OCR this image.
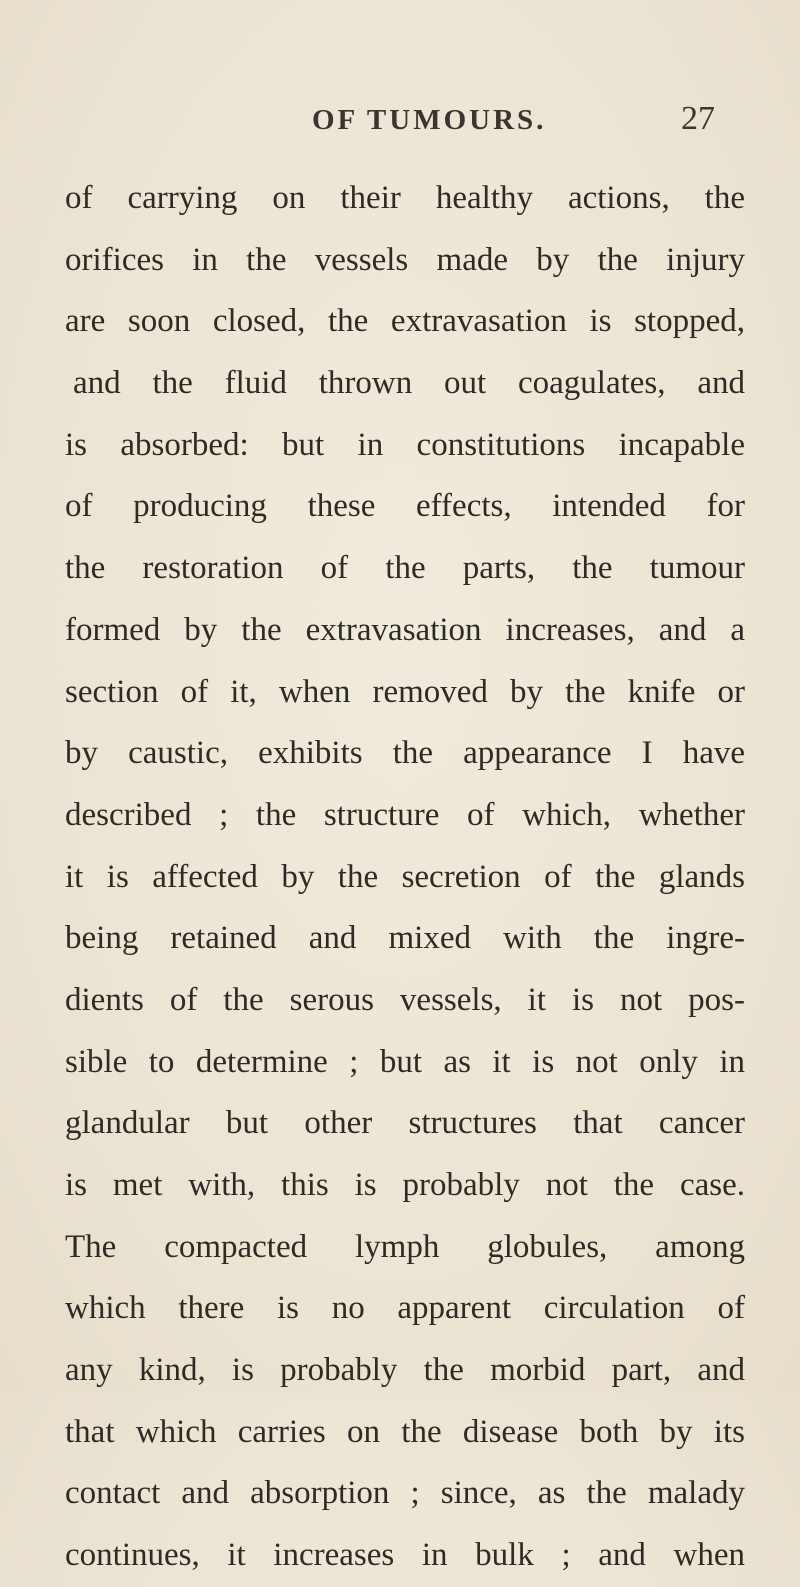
OF TUMOURS.	27
of carrying on their healthy actions, the
orifices in the vessels made by the injury
are soon closed, the extravasation is stopped,
and the fluid thrown out coagulates, and
is absorbed: but in constitutions incapable
of producing these effects, intended for
the restoration of the parts, the tumour
formed by the extravasation increases, and a
section of it, when removed by the knife or
by caustic, exhibits the appearance I have
described ; the structure of which, whether
it is affected by the secretion of the glands
being retained and mixed with the ingre-
dients of the serous vessels, it is not pos-
sible to determine ; but as it is not only in
glandular but other structures that cancer
is met with, this is probably not the case.
The compacted lymph globules, among
which there is no apparent circulation of
any kind, is probably the morbid part, and
that which carries on the disease both by its
contact and absorption ; since, as the malady
continues, it increases in bulk ; and when
